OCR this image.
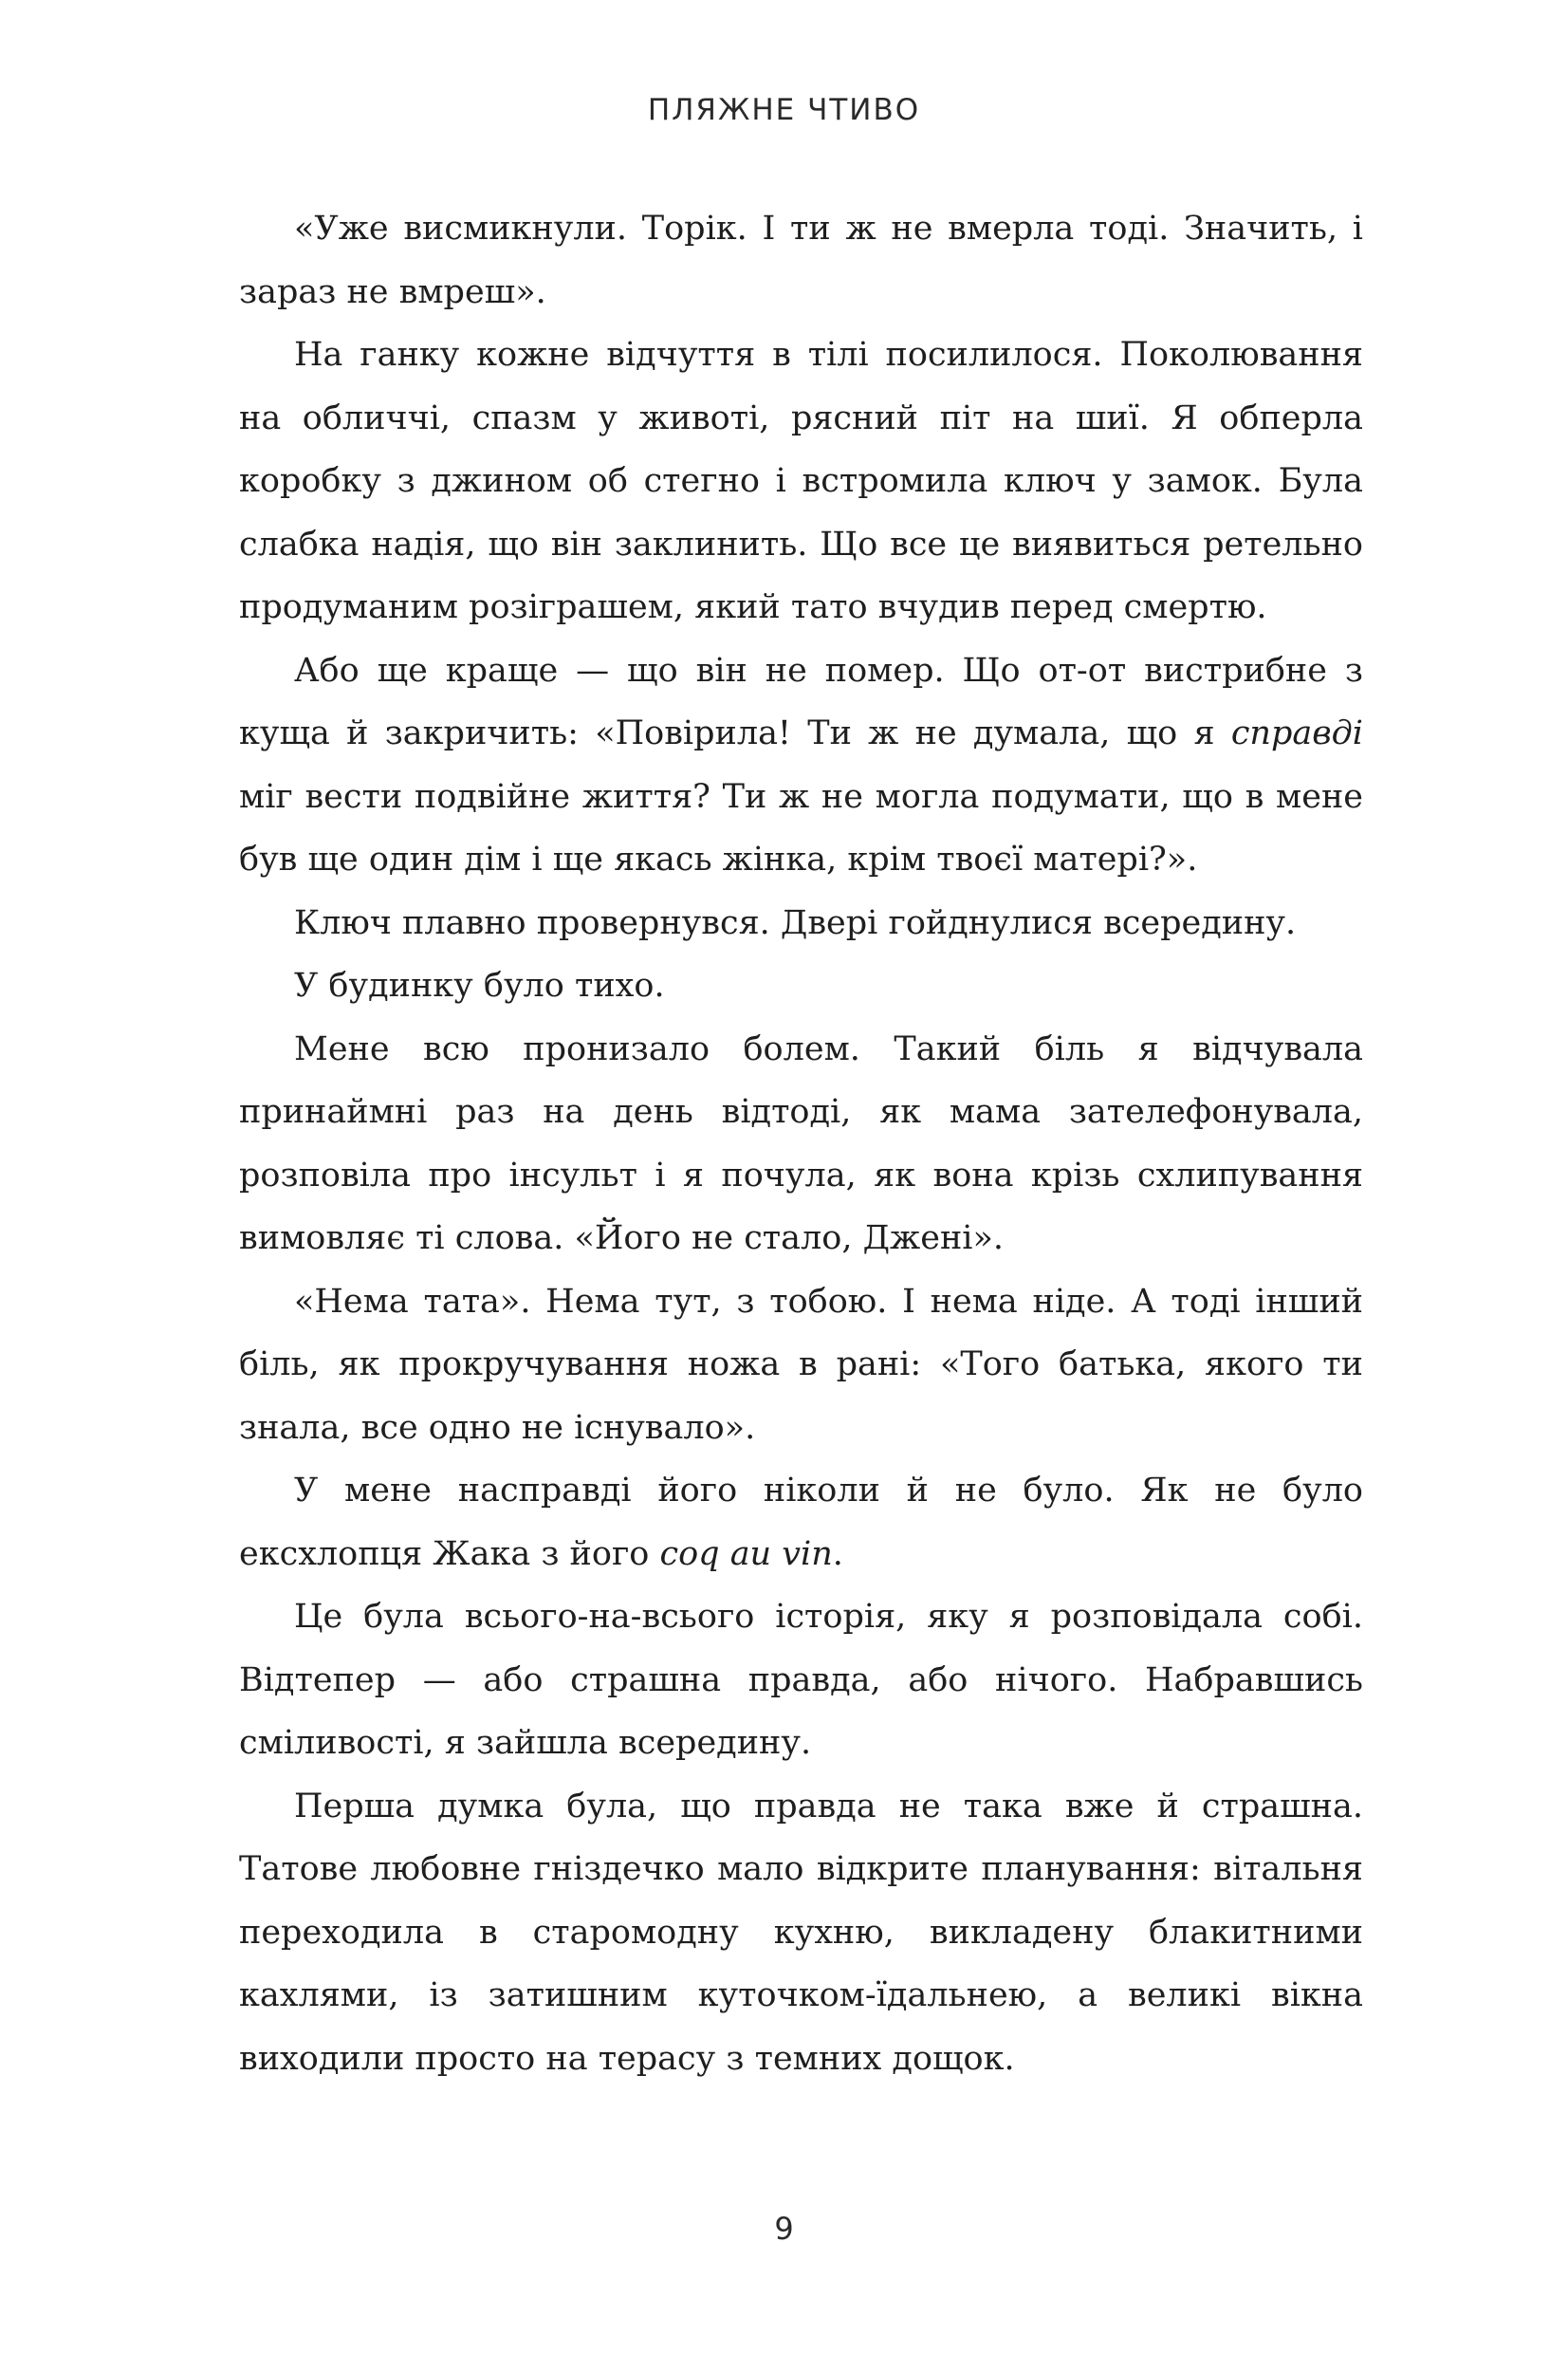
ПЛЯЖНЕ ЧТИВО

«Уже висмикнули. Торік. І ти ж не вмерла тоді. Значить, і зараз не вмреш».

На ганку кожне відчуття в тілі посилилося. Поколювання на обличчі, спазм у животі, рясний піт на шиї. Я обперла коробку з джином об стегно і встромила ключ у замок. Була слабка надія, що він заклинить. Що все це виявиться ретельно продуманим розіграшем, який тато вчудив перед смертю.

Або ще краще — що він не помер. Що от-от вистрибне з куща й закричить: «Повірила! Ти ж не думала, що я справді міг вести подвійне життя? Ти ж не могла подумати, що в мене був ще один дім і ще якась жінка, крім твоєї матері?».

Ключ плавно провернувся. Двері гойднулися всередину.

У будинку було тихо.

Мене всю пронизало болем. Такий біль я відчувала принаймні раз на день відтоді, як мама зателефонувала, розповіла про інсульт і я почула, як вона крізь схлипування вимовляє ті слова. «Його не стало, Джені».

«Нема тата». Нема тут, з тобою. І нема ніде. А тоді інший біль, як прокручування ножа в рані: «Того батька, якого ти знала, все одно не існувало».

У мене насправді його ніколи й не було. Як не було ексхлопця Жака з його coq au vin.

Це була всього-на-всього історія, яку я розповідала собі. Відтепер — або страшна правда, або нічого. Набравшись сміливості, я зайшла всередину.

Перша думка була, що правда не така вже й страшна. Татове любовне гніздечко мало відкрите планування: вітальня переходила в старомодну кухню, викладену блакитними кахлями, із затишним куточком-їдальнею, а великі вікна виходили просто на терасу з темних дощок.

9
